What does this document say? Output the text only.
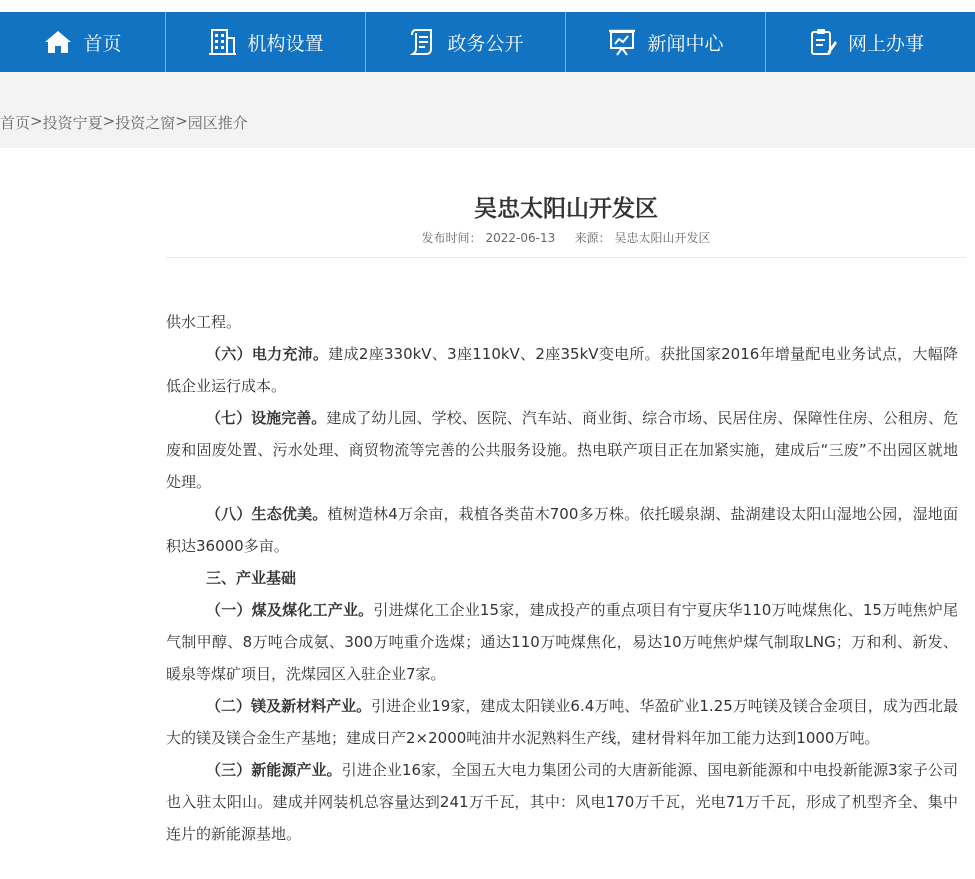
首页	机构设置	政务公开	新闻中心	网上办事
首页 > 投资宁夏 > 投资之窗 > 园区推介
吴忠太阳山开发区
发布时间： 2022-06-13 来源： 吴忠太阳山开发区

供水工程。

（六）电力充沛。建成2座330kV、3座110kV、2座35kV变电所。获批国家2016年增量配电业务试点，大幅降低企业运行成本。

（七）设施完善。建成了幼儿园、学校、医院、汽车站、商业街、综合市场、民居住房、保障性住房、公租房、危废和固废处置、污水处理、商贸物流等完善的公共服务设施。热电联产项目正在加紧实施，建成后“三废”不出园区就地处理。

（八）生态优美。植树造林4万余亩，栽植各类苗木700多万株。依托暖泉湖、盐湖建设太阳山湿地公园，湿地面积达36000多亩。

三、产业基础

（一）煤及煤化工产业。引进煤化工企业15家，建成投产的重点项目有宁夏庆华110万吨煤焦化、15万吨焦炉尾气制甲醇、8万吨合成氨、300万吨重介选煤；通达110万吨煤焦化，易达10万吨焦炉煤气制取LNG；万和利、新发、暖泉等煤矿项目，洗煤园区入驻企业7家。

（二）镁及新材料产业。引进企业19家，建成太阳镁业6.4万吨、华盈矿业1.25万吨镁及镁合金项目，成为西北最大的镁及镁合金生产基地；建成日产2×2000吨油井水泥熟料生产线，建材骨料年加工能力达到1000万吨。

（三）新能源产业。引进企业16家，全国五大电力集团公司的大唐新能源、国电新能源和中电投新能源3家子公司也入驻太阳山。建成并网装机总容量达到241万千瓦，其中：风电170万千瓦，光电71万千瓦，形成了机型齐全、集中连片的新能源基地。
